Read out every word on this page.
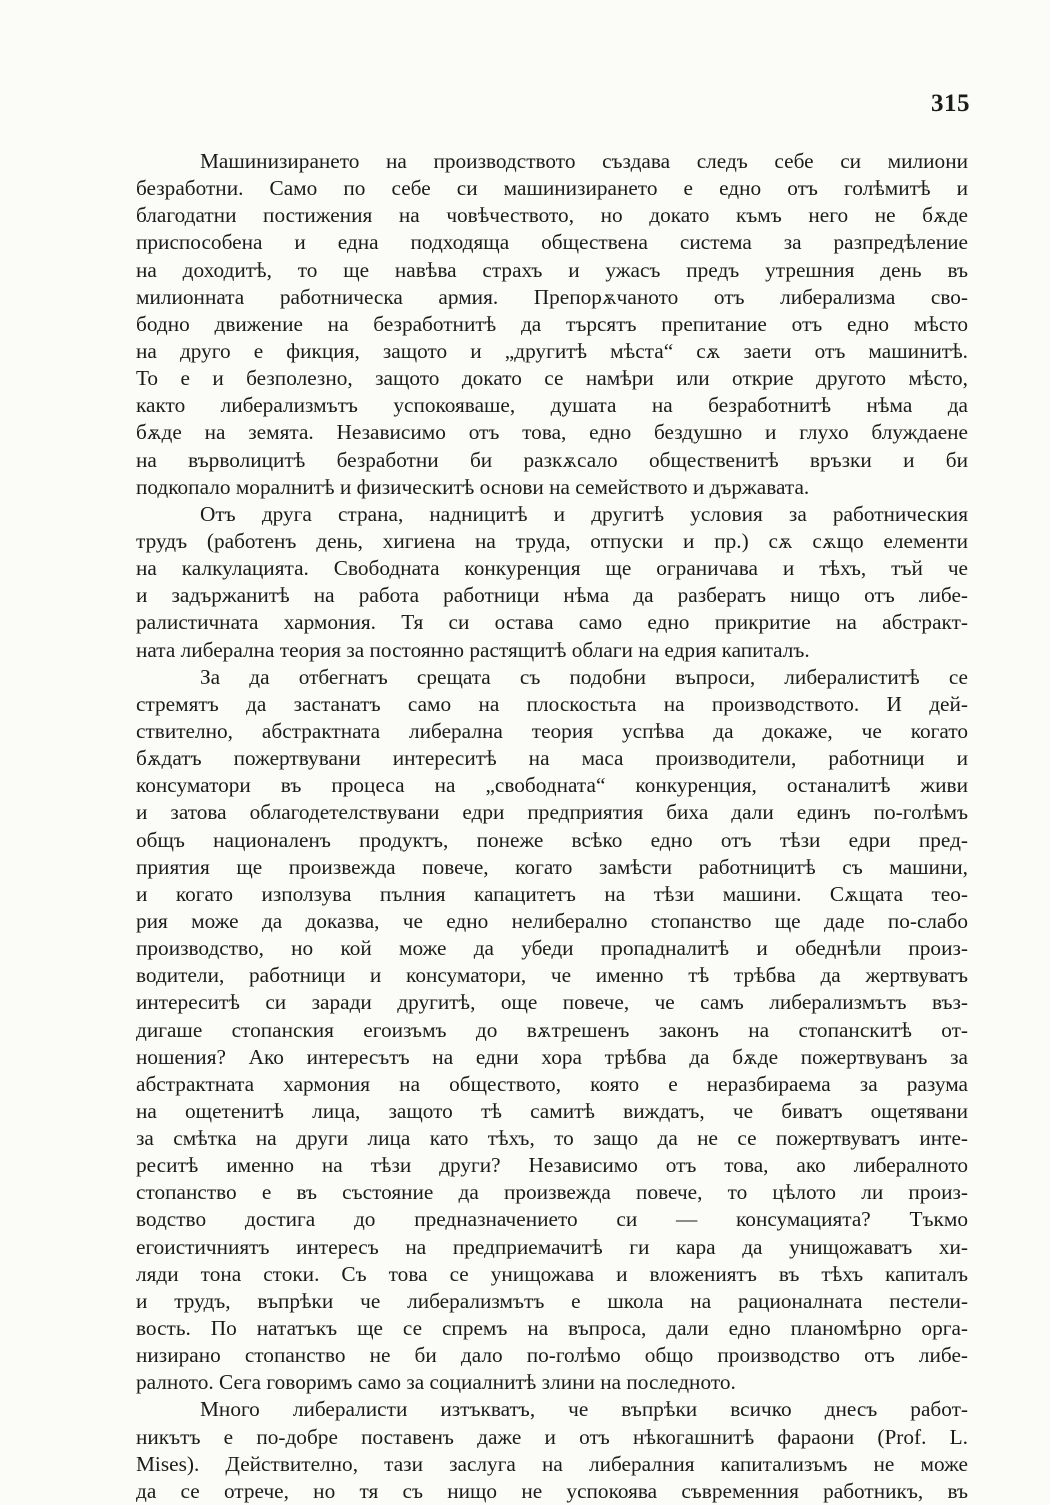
315
Машинизирането на производството създава следъ себе си милиони
безработни. Само по себе си машинизирането е едно отъ голѣмитѣ и
благодатни постижения на човѣчеството, но докато къмъ него не бѫде
приспособена и една подходяща обществена система за разпредѣление
на доходитѣ, то ще навѣва страхъ и ужасъ предъ утрешния день въ
милионната работническа армия. Препорѫчаното отъ либерализма сво-
бодно движение на безработнитѣ да търсятъ препитание отъ едно мѣсто
на друго е фикция, защото и „другитѣ мѣста“ сѫ заети отъ машинитѣ.
То е и безполезно, защото докато се намѣри или открие другото мѣсто,
както либерализмътъ успокояваше, душата на безработнитѣ нѣма да
бѫде на земята. Независимо отъ това, едно бездушно и глухо блуждаене
на върволицитѣ безработни би разкѫсало общественитѣ връзки и би
подкопало моралнитѣ и физическитѣ основи на семейството и държавата.
Отъ друга страна, надницитѣ и другитѣ условия за работническия
трудъ (работенъ день, хигиена на труда, отпуски и пр.) сѫ сѫщо елементи
на калкулацията. Свободната конкуренция ще ограничава и тѣхъ, тъй че
и задържанитѣ на работа работници нѣма да разбератъ нищо отъ либе-
ралистичната хармония. Тя си остава само едно прикритие на абстракт-
ната либерална теория за постоянно растящитѣ облаги на едрия капиталъ.
За да отбегнатъ срещата съ подобни въпроси, либералиститѣ се
стремятъ да застанатъ само на плоскостьта на производството. И дей-
ствително, абстрактната либерална теория успѣва да докаже, че когато
бѫдатъ пожертвувани интереситѣ на маса производители, работници и
консуматори въ процеса на „свободната“ конкуренция, останалитѣ живи
и затова облагодетелствувани едри предприятия биха дали единъ по-голѣмъ
общъ националенъ продуктъ, понеже всѣко едно отъ тѣзи едри пред-
приятия ще произвежда повече, когато замѣсти работницитѣ съ машини,
и когато използува пълния капацитетъ на тѣзи машини. Сѫщата тео-
рия може да доказва, че едно нелиберално стопанство ще даде по-слабо
производство, но кой може да убеди пропадналитѣ и обеднѣли произ-
водители, работници и консуматори, че именно тѣ трѣбва да жертвуватъ
интереситѣ си заради другитѣ, още повече, че самъ либерализмътъ въз-
дигаше стопанския егоизъмъ до вѫтрешенъ законъ на стопанскитѣ от-
ношения? Ако интересътъ на едни хора трѣбва да бѫде пожертвуванъ за
абстрактната хармония на обществото, която е неразбираема за разума
на ощетенитѣ лица, защото тѣ самитѣ виждатъ, че биватъ ощетявани
за смѣтка на други лица като тѣхъ, то защо да не се пожертвуватъ инте-
реситѣ именно на тѣзи други? Независимо отъ това, ако либералното
стопанство е въ състояние да произвежда повече, то цѣлото ли произ-
водство достига до предназначението си — консумацията? Тъкмо
егоистичниятъ интересъ на предприемачитѣ ги кара да унищожаватъ хи-
ляди тона стоки. Съ това се унищожава и вложениятъ въ тѣхъ капиталъ
и трудъ, въпрѣки че либерализмътъ е школа на рационалната пестели-
вость. По нататъкъ ще се спремъ на въпроса, дали едно планомѣрно орга-
низирано стопанство не би дало по-голѣмо общо производство отъ либе-
ралното. Сега говоримъ само за социалнитѣ злини на последното.
Много либералисти изтъкватъ, че въпрѣки всичко днесъ работ-
никътъ е по-добре поставенъ даже и отъ нѣкогашнитѣ фараони (Prof. L.
Mises). Действително, тази заслуга на либералния капитализъмъ не може
да се отрече, но тя съ нищо не успокоява съвременния работникъ, въ
